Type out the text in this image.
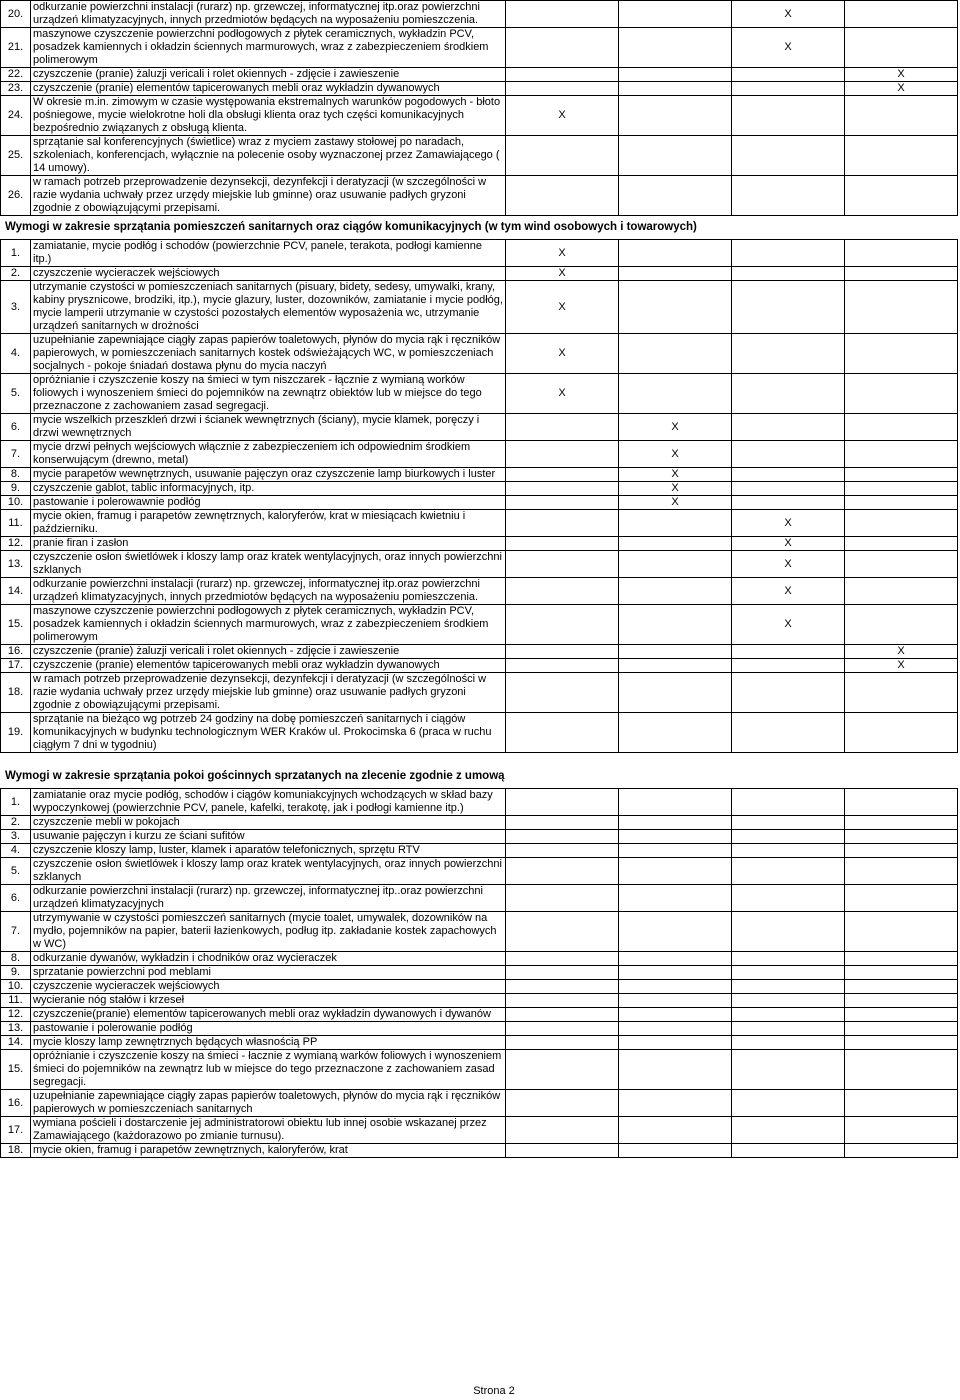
20.	odkurzanie powierzchni instalacji (rurarz) np. grzewczej, informatycznej itp.oraz powierzchni urządzeń klimatyzacyjnych, innych przedmiotów będących na wyposażeniu pomieszczenia.			X	
21.	maszynowe czyszczenie powierzchni podłogowych z płytek ceramicznych, wykładzin PCV, posadzek kamiennych i okładzin ściennych marmurowych, wraz z zabezpieczeniem środkiem polimerowym			X	
22.	czyszczenie (pranie) żaluzji vericali i rolet okiennych - zdjęcie i zawieszenie				X
23.	czyszczenie (pranie) elementów tapicerowanych mebli oraz wykładzin dywanowych				X
24.	W okresie m.in. zimowym w czasie występowania ekstremalnych warunków pogodowych - błoto pośniegowe, mycie wielokrotne holi dla obsługi klienta oraz tych części komunikacyjnych bezpośrednio związanych z obsługą klienta.	X			
25.	sprzątanie sal konferencyjnych (świetlice) wraz z myciem zastawy stołowej po naradach, szkoleniach, konferencjach, wyłącznie na polecenie osoby wyznaczonej przez Zamawiającego ( 14 umowy).				
26.	w ramach potrzeb przeprowadzenie dezynsekcji, dezynfekcji i deratyzacji (w szczególności w razie wydania uchwały przez urzędy miejskie lub gminne) oraz usuwanie padłych gryzoni zgodnie z obowiązującymi przepisami.				
Wymogi w zakresie sprzątania pomieszczeń sanitarnych oraz ciągów komunikacyjnych (w tym wind osobowych i towarowych)
1.	zamiatanie, mycie podłóg i schodów (powierzchnie PCV, panele, terakota, podłogi kamienne itp.)	X			
2.	czyszczenie wycieraczek wejściowych	X			
3.	utrzymanie czystości w pomieszczeniach sanitarnych (pisuary, bidety, sedesy, umywalki, krany, kabiny prysznicowe, brodziki, itp.), mycie glazury, luster, dozowników, zamiatanie i mycie podłóg, mycie lamperii utrzymanie w czystości pozostałych elementów wyposażenia wc, utrzymanie urządzeń sanitarnych w drożności	X			
4.	uzupełnianie zapewniające ciągły zapas papierów toaletowych, płynów do mycia rąk i ręczników papierowych, w pomieszczeniach sanitarnych kostek odświeżających WC, w pomieszczeniach socjalnych - pokoje śniadań dostawa płynu do mycia naczyń	X			
5.	opróżnianie i czyszczenie koszy na śmieci w tym niszczarek - łącznie z wymianą worków foliowych i wynoszeniem śmieci do pojemników na zewnątrz obiektów lub w miejsce do tego przeznaczone z zachowaniem zasad segregacji.	X			
6.	mycie wszelkich przeszkleń drzwi i ścianek wewnętrznych (ściany), mycie klamek, poręczy i drzwi wewnętrznych		X		
7.	mycie drzwi pełnych wejściowych włącznie z zabezpieczeniem ich odpowiednim środkiem konserwującym (drewno, metal)		X		
8.	mycie parapetów wewnętrznych, usuwanie pajęczyn oraz czyszczenie lamp biurkowych i luster		X		
9.	czyszczenie gablot, tablic informacyjnych, itp.		X		
10.	pastowanie i polerowawnie podłóg		X		
11.	mycie okien, framug i parapetów zewnętrznych, kaloryferów, krat w miesiącach kwietniu i październiku.			X	
12.	pranie firan i zasłon			X	
13.	czyszczenie osłon świetlówek i kloszy lamp oraz kratek wentylacyjnych, oraz innych powierzchni szklanych			X	
14.	odkurzanie powierzchni instalacji (rurarz) np. grzewczej, informatycznej itp.oraz powierzchni urządzeń klimatyzacyjnych, innych przedmiotów będących na wyposażeniu pomieszczenia.			X	
15.	maszynowe czyszczenie powierzchni podłogowych z płytek ceramicznych, wykładzin PCV, posadzek kamiennych i okładzin ściennych marmurowych, wraz z zabezpieczeniem środkiem polimerowym			X	
16.	czyszczenie (pranie) żaluzji vericali i rolet okiennych - zdjęcie i zawieszenie				X
17.	czyszczenie (pranie) elementów tapicerowanych mebli oraz wykładzin dywanowych				X
18.	w ramach potrzeb przeprowadzenie dezynsekcji, dezynfekcji i deratyzacji (w szczególności w razie wydania uchwały przez urzędy miejskie lub gminne) oraz usuwanie padłych gryzoni zgodnie z obowiązującymi przepisami.				
19.	sprzątanie na bieżąco wg potrzeb 24 godziny na dobę pomieszczeń sanitarnych i ciągów komunikacyjnych w budynku technologicznym WER Kraków ul. Prokocimska 6 (praca w ruchu ciągłym 7 dni w tygodniu)				
Wymogi w zakresie sprzątania pokoi gościnnych sprzatanych na zlecenie zgodnie z umową
1.	zamiatanie oraz mycie podłóg, schodów i ciągów komuniakcyjnych wchodzących w skład bazy wypoczynkowej (powierzchnie PCV, panele, kafelki, terakotę, jak i podłogi kamienne itp.)				
2.	czyszczenie mebli w pokojach				
3.	usuwanie pajęczyn i kurzu ze ściani sufitów				
4.	czyszczenie kloszy lamp, luster, klamek i aparatów telefonicznych, sprzętu RTV				
5.	czyszczenie osłon świetlówek i kloszy lamp oraz kratek wentylacyjnych, oraz innych powierzchni szklanych				
6.	odkurzanie powierzchni instalacji (rurarz) np. grzewczej, informatycznej itp..oraz powierzchni urządzeń klimatyzacyjnych				
7.	utrzymywanie w czystości pomieszczeń sanitarnych (mycie toalet, umywalek, dozowników na mydło, pojemników na papier, baterii łazienkowych, podług itp. zakładanie kostek zapachowych w WC)				
8.	odkurzanie dywanów, wykładzin i chodników oraz wycieraczek				
9.	sprzatanie powierzchni pod meblami				
10.	czyszczenie wycieraczek wejściowych				
11.	wycieranie nóg stałów i krzeseł				
12.	czyszczenie(pranie) elementów tapicerowanych mebli oraz wykładzin dywanowych i dywanów				
13.	pastowanie i polerowanie podłóg				
14.	mycie kloszy lamp zewnętrznych będących własnością PP				
15.	opróżnianie i czyszczenie koszy na śmieci - łacznie z wymianą warków foliowych i wynoszeniem śmieci do pojemników na zewnątrz lub w miejsce do tego przeznaczone z zachowaniem zasad segregacji.				
16.	uzupełnianie zapewniające ciągły zapas papierów toaletowych, płynów do mycia rąk i ręczników papierowych w pomieszczeniach sanitarnych				
17.	wymiana pościeli i dostarczenie jej administratorowi obiektu lub innej osobie wskazanej przez Zamawiającego (każdorazowo po zmianie turnusu).				
18.	mycie okien, framug i parapetów zewnętrznych, kaloryferów, krat				
Strona 2
